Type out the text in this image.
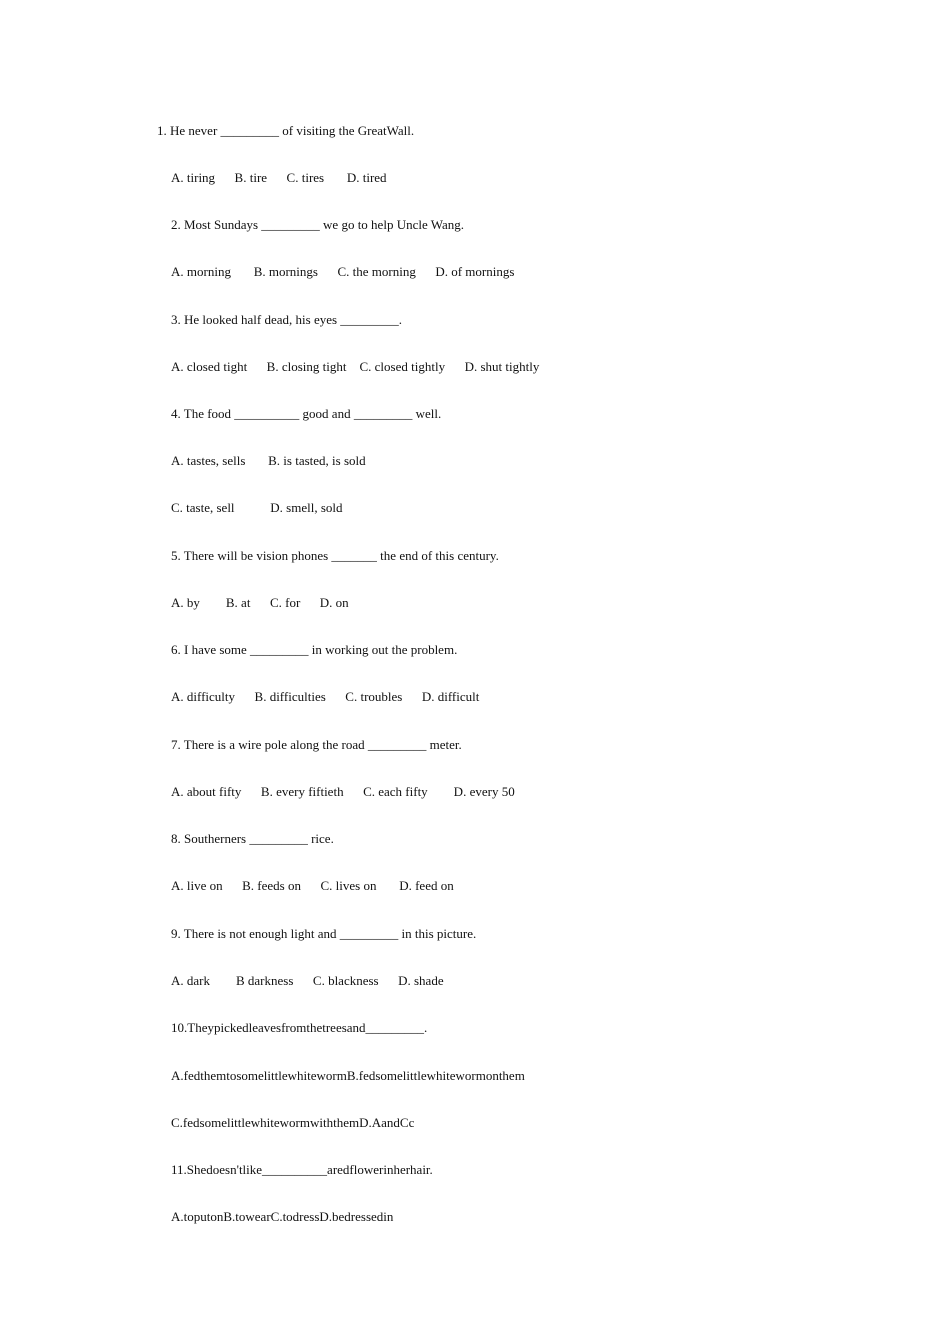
1. He never _________ of visiting the GreatWall.
A. tiring      B. tire      C. tires       D. tired
2. Most Sundays _________ we go to help Uncle Wang.
A. morning       B. mornings      C. the morning      D. of mornings
3. He looked half dead, his eyes _________.
A. closed tight      B. closing tight    C. closed tightly      D. shut tightly
4. The food __________ good and _________ well.
A. tastes, sells       B. is tasted, is sold
C. taste, sell           D. smell, sold
5. There will be vision phones _______ the end of this century.
A. by        B. at      C. for      D. on
6. I have some _________ in working out the problem.
A. difficulty      B. difficulties      C. troubles      D. difficult
7. There is a wire pole along the road _________ meter.
A. about fifty      B. every fiftieth      C. each fifty        D. every 50
8. Southerners _________ rice.
A. live on      B. feeds on      C. lives on       D. feed on
9. There is not enough light and _________ in this picture.
A. dark        B darkness      C. blackness      D. shade
10.Theypickedleavesfromthetreesand_________.
A.fedthemtosomelittlewhitewormB.fedsomelittlewhitewormonthem
C.fedsomelittlewhitewormwiththemD.AandCc
11.Shedoesn'tlike__________aredflowerinherhair.
A.toputonB.towearC.todressD.bedressedin
